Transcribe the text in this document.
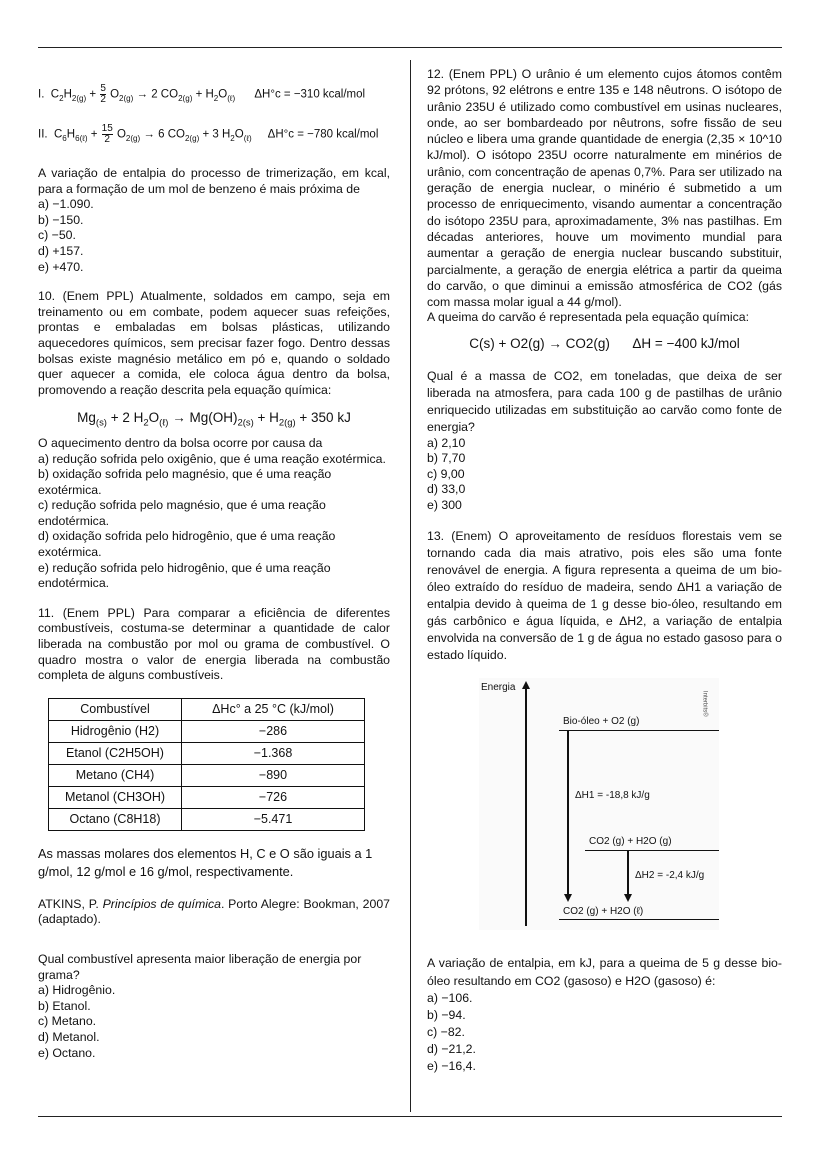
I.  $C_2H_{2(g)} + \frac{5}{2} O_{2(g)} \to 2$ $CO_{2(g)} + H_2O_{(\ell)}$ ΔH°c = −310 kcal/mol
II.  $C_6H_{6(\ell)} + \frac{15}{2} O_{2(g)} \to 6$ $CO_{2(g)} + 3$ $H_2O_{(\ell)}$ ΔH°c = −780 kcal/mol

A variação de entalpia do processo de trimerização, em kcal, para a formação de um mol de benzeno é mais próxima de

a) −1.090.

b) −150.

c) −50.

d) +157.

e) +470.

10. (Enem PPL) Atualmente, soldados em campo, seja em treinamento ou em combate, podem aquecer suas refeições, prontas e embaladas em bolsas plásticas, utilizando aquecedores químicos, sem precisar fazer fogo. Dentro dessas bolsas existe magnésio metálico em pó e, quando o soldado quer aquecer a comida, ele coloca água dentro da bolsa, promovendo a reação descrita pela equação química:

$Mg_{(s)} + 2$ $H_2O_{(\ell)} \to Mg(OH)_{2(s)} + H_{2(g)} + 350$ kJ

O aquecimento dentro da bolsa ocorre por causa da

a) redução sofrida pelo oxigênio, que é uma reação exotérmica.

b) oxidação sofrida pelo magnésio, que é uma reação exotérmica.

c) redução sofrida pelo magnésio, que é uma reação endotérmica.

d) oxidação sofrida pelo hidrogênio, que é uma reação exotérmica.

e) redução sofrida pelo hidrogênio, que é uma reação endotérmica.

11. (Enem PPL) Para comparar a eficiência de diferentes combustíveis, costuma-se determinar a quantidade de calor liberada na combustão por mol ou grama de combustível. O quadro mostra o valor de energia liberada na combustão completa de alguns combustíveis.

Combustível	ΔHc° a 25 °C (kJ/mol)
Hidrogênio (H2)	−286
Etanol (C2H5OH)	−1.368
Metano (CH4)	−890
Metanol (CH3OH)	−726
Octano (C8H18)	−5.471

As massas molares dos elementos H, C e O são iguais a 1 g/mol, 12 g/mol e 16 g/mol, respectivamente.

ATKINS, P. Princípios de química. Porto Alegre: Bookman, 2007 (adaptado).

Qual combustível apresenta maior liberação de energia por grama?

a) Hidrogênio.

b) Etanol.

c) Metano.

d) Metanol.

e) Octano.

12. (Enem PPL) O urânio é um elemento cujos átomos contêm 92 prótons, 92 elétrons e entre 135 e 148 nêutrons. O isótopo de urânio 235U é utilizado como combustível em usinas nucleares, onde, ao ser bombardeado por nêutrons, sofre fissão de seu núcleo e libera uma grande quantidade de energia (2,35 × 10^10 kJ/mol). O isótopo 235U ocorre naturalmente em minérios de urânio, com concentração de apenas 0,7%. Para ser utilizado na geração de energia nuclear, o minério é submetido a um processo de enriquecimento, visando aumentar a concentração do isótopo 235U para, aproximadamente, 3% nas pastilhas. Em décadas anteriores, houve um movimento mundial para aumentar a geração de energia nuclear buscando substituir, parcialmente, a geração de energia elétrica a partir da queima do carvão, o que diminui a emissão atmosférica de CO2 (gás com massa molar igual a 44 g/mol).

A queima do carvão é representada pela equação química:

C(s) + O2(g) → CO2(g)      ΔH = −400 kJ/mol

Qual é a massa de CO2, em toneladas, que deixa de ser liberada na atmosfera, para cada 100 g de pastilhas de urânio enriquecido utilizadas em substituição ao carvão como fonte de energia?

a) 2,10

b) 7,70

c) 9,00

d) 33,0

e) 300

13. (Enem) O aproveitamento de resíduos florestais vem se tornando cada dia mais atrativo, pois eles são uma fonte renovável de energia. A figura representa a queima de um bio-óleo extraído do resíduo de madeira, sendo ΔH1 a variação de entalpia devido à queima de 1 g desse bio-óleo, resultando em gás carbônico e água líquida, e ΔH2, a variação de entalpia envolvida na conversão de 1 g de água no estado gasoso para o estado líquido.

Energia
Interbits®
Bio-óleo + O2 (g)
ΔH1 = -18,8 kJ/g
CO2 (g) + H2O (g)
ΔH2 = -2,4 kJ/g
CO2 (g) + H2O (ℓ)

A variação de entalpia, em kJ, para a queima de 5 g desse bio-óleo resultando em CO2 (gasoso) e H2O (gasoso) é:

a) −106.

b) −94.

c) −82.

d) −21,2.

e) −16,4.
